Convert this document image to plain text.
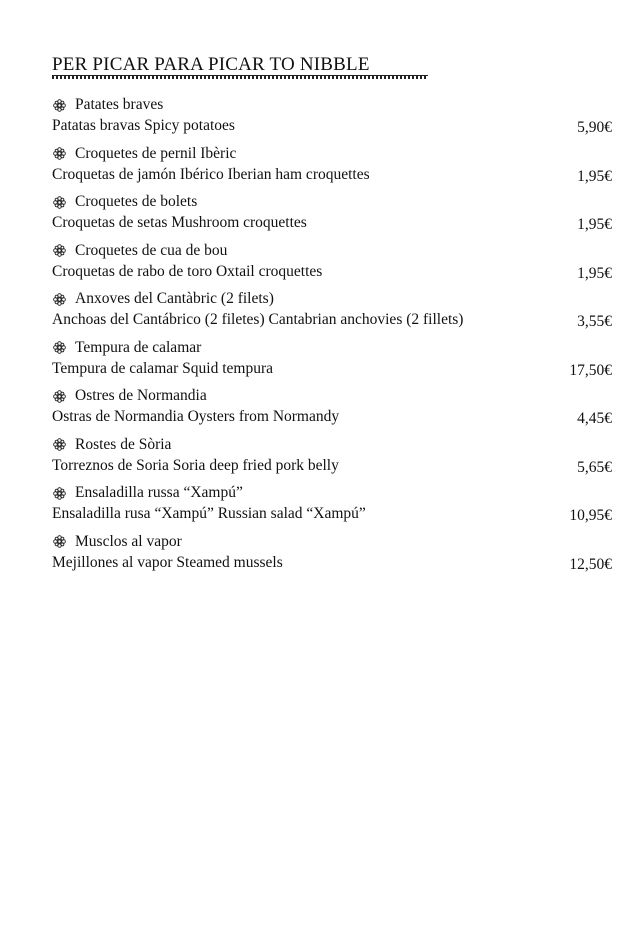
PER PICAR PARA PICAR TO NIBBLE
Patates braves
Patatas bravas Spicy potatoes	5,90€
Croquetes de pernil Ibèric
Croquetas de jamón Ibérico Iberian ham croquettes	1,95€
Croquetes de bolets
Croquetas de setas Mushroom croquettes	1,95€
Croquetes de cua de bou
Croquetas de rabo de toro Oxtail croquettes	1,95€
Anxoves del Cantàbric (2 filets)
Anchoas del Cantábrico (2 filetes) Cantabrian anchovies (2 fillets)	3,55€
Tempura de calamar
Tempura de calamar Squid tempura	17,50€
Ostres de Normandia
Ostras de Normandia Oysters from Normandy	4,45€
Rostes de Sòria
Torreznos de Soria Soria deep fried pork belly	5,65€
Ensaladilla russa “Xampú”
Ensaladilla rusa “Xampú” Russian salad “Xampú”	10,95€
Musclos al vapor
Mejillones al vapor Steamed mussels	12,50€
